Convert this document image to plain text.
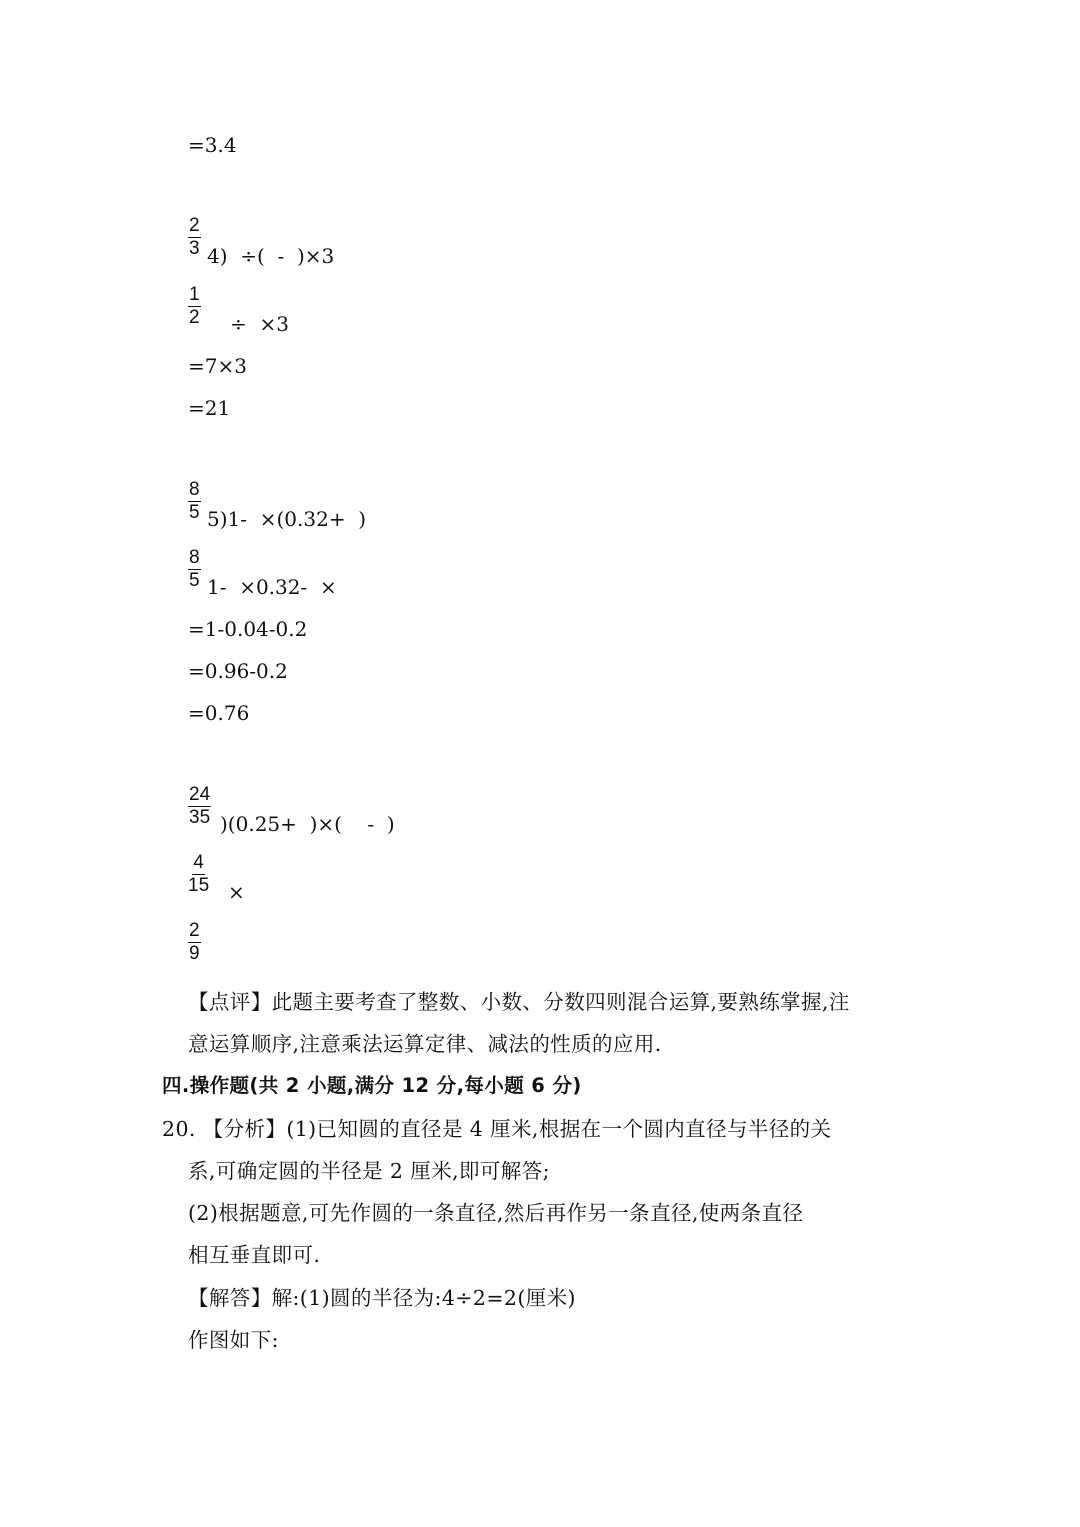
=3.4
$\frac{2}{3} 4$)  ÷(  -  )×3
$\frac{1}{2} \div \times 3$
=7×3
=21
$\frac{8}{5} 5)1- \times(0.32+$  )
$\frac{8}{5} 1- \times 0.32-$  ×
=1-0.04-0.2
=0.96-0.2
=0.76
$\frac{24}{35} )(0.25+$  )×(    -  )
$\frac{4}{15}$ ×
$\frac{2}{9}$
【点评】此题主要考查了整数、小数、分数四则混合运算,要熟练掌握,注
意运算顺序,注意乘法运算定律、减法的性质的应用.
四.操作题(共 2 小题,满分 12 分,每小题 6 分)
20. 【分析】(1)已知圆的直径是 4 厘米,根据在一个圆内直径与半径的关
系,可确定圆的半径是 2 厘米,即可解答;
(2)根据题意,可先作圆的一条直径,然后再作另一条直径,使两条直径
相互垂直即可.
【解答】解:(1)圆的半径为:4÷2=2(厘米)
作图如下:
